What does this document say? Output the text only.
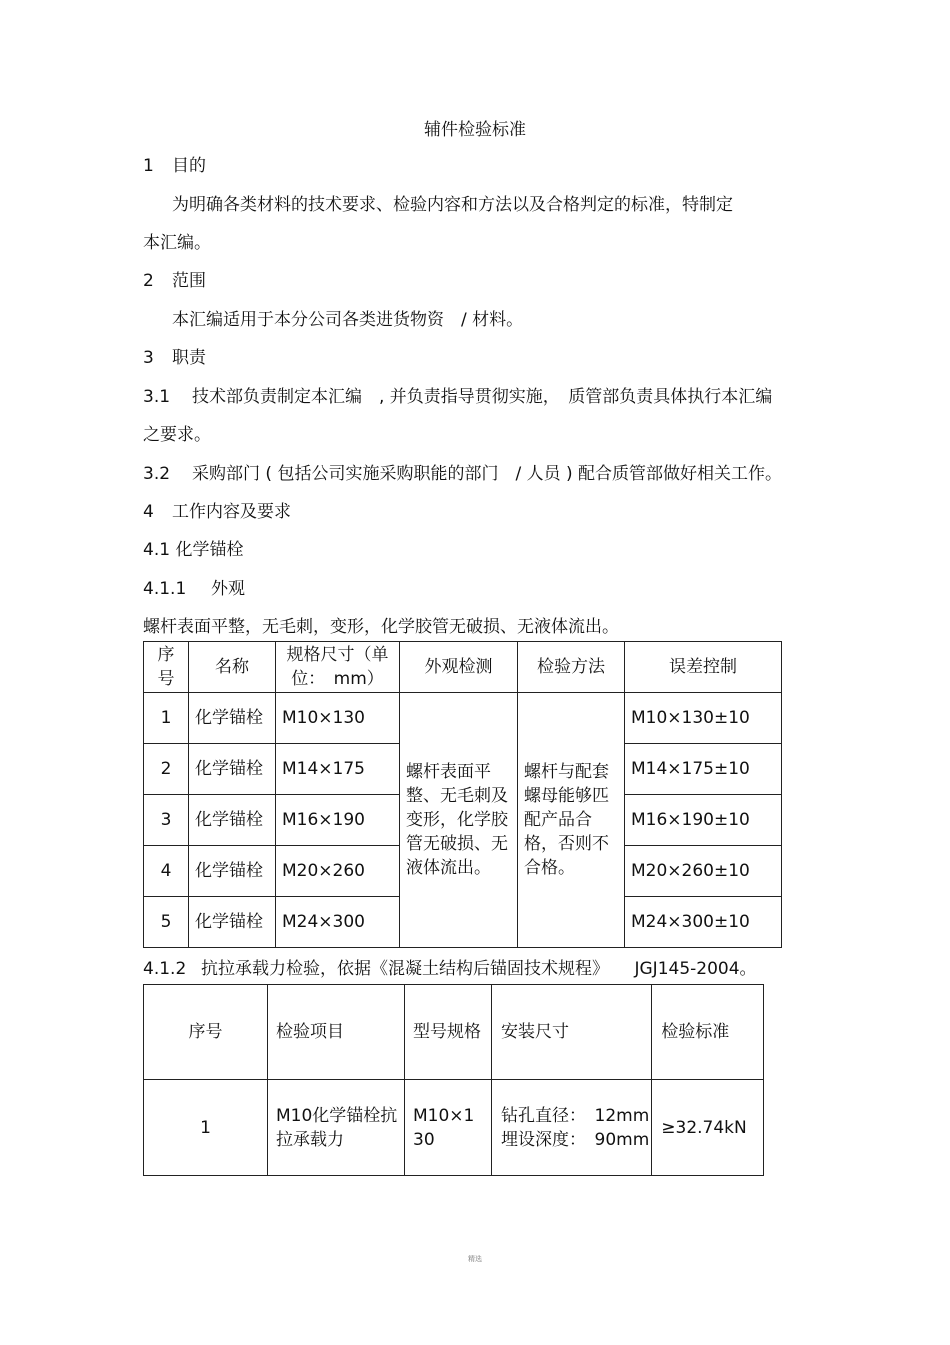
辅件检验标准
1 目的
为明确各类材料的技术要求、检验内容和方法以及合格判定的标准，特制定
本汇编。
2 范围
本汇编适用于本分公司各类进货物资　/ 材料。
3 职责
3.1 技术部负责制定本汇编　, 并负责指导贯彻实施，　质管部负责具体执行本汇编
之要求。
3.2 采购部门 ( 包括公司实施采购职能的部门　/ 人员 ) 配合质管部做好相关工作。
4 工作内容及要求
4.1 化学锚栓
4.1.1 外观
螺杆表面平整，无毛刺，变形，化学胶管无破损、无液体流出。
序号	名称	规格尺寸（单位：　mm）	外观检测	检验方法	误差控制
1	化学锚栓	M10×130	螺杆表面平整、无毛刺及变形，化学胶管无破损、无液体流出。	螺杆与配套螺母能够匹配产品合格，否则不合格。	M10×130±10
2	化学锚栓	M14×175			M14×175±10
3	化学锚栓	M16×190			M16×190±10
4	化学锚栓	M20×260			M20×260±10
5	化学锚栓	M24×300			M24×300±10
4.1.2 抗拉承载力检验，依据《混凝土结构后锚固技术规程》　　JGJ145-2004。
序号	检验项目	型号规格	安装尺寸	检验标准
1	M10化学锚栓抗拉承载力	M10×130	钻孔直径：　12mm
埋设深度：　90mm	≥32.74kN
精选
